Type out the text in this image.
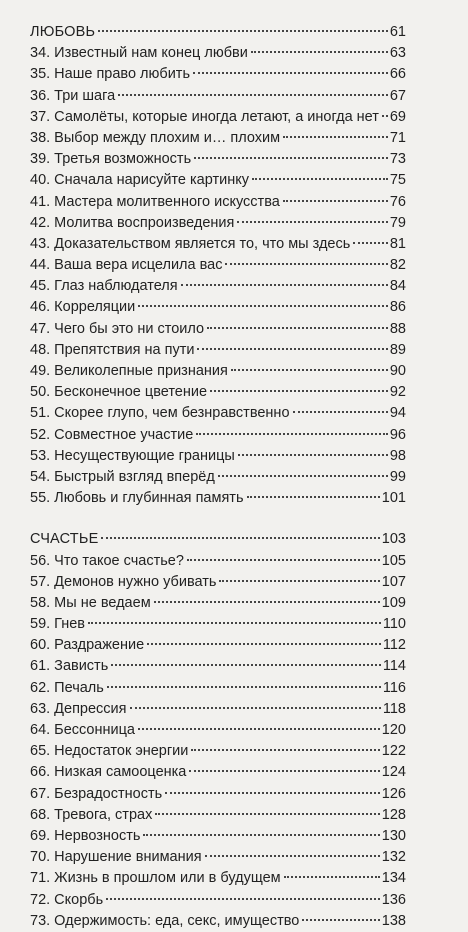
ЛЮБОВЬ	61
34. Известный нам конец любви	63
35. Наше право любить	66
36. Три шага	67
37. Самолёты, которые иногда летают, а иногда нет 69
38. Выбор между плохим и… плохим	71
39. Третья возможность	73
40. Сначала нарисуйте картинку	75
41. Мастера молитвенного искусства	76
42. Молитва воспроизведения	79
43. Доказательством является то, что мы здесь	81
44. Ваша вера исцелила вас	82
45. Глаз наблюдателя	84
46. Корреляции	86
47. Чего бы это ни стоило	88
48. Препятствия на пути	89
49. Великолепные признания	90
50. Бесконечное цветение	92
51. Скорее глупо, чем безнравственно	94
52. Совместное участие	96
53. Несуществующие границы	98
54. Быстрый взгляд вперёд	99
55. Любовь и глубинная память	101
СЧАСТЬЕ	103
56. Что такое счастье?	105
57. Демонов нужно убивать	107
58. Мы не ведаем	109
59. Гнев	110
60. Раздражение	112
61. Зависть	114
62. Печаль	116
63. Депрессия	118
64. Бессонница	120
65. Недостаток энергии	122
66. Низкая самооценка	124
67. Безрадостность	126
68. Тревога, страх	128
69. Нервозность	130
70. Нарушение внимания	132
71. Жизнь в прошлом или в будущем	134
72. Скорбь	136
73. Одержимость: еда, секс, имущество	138
